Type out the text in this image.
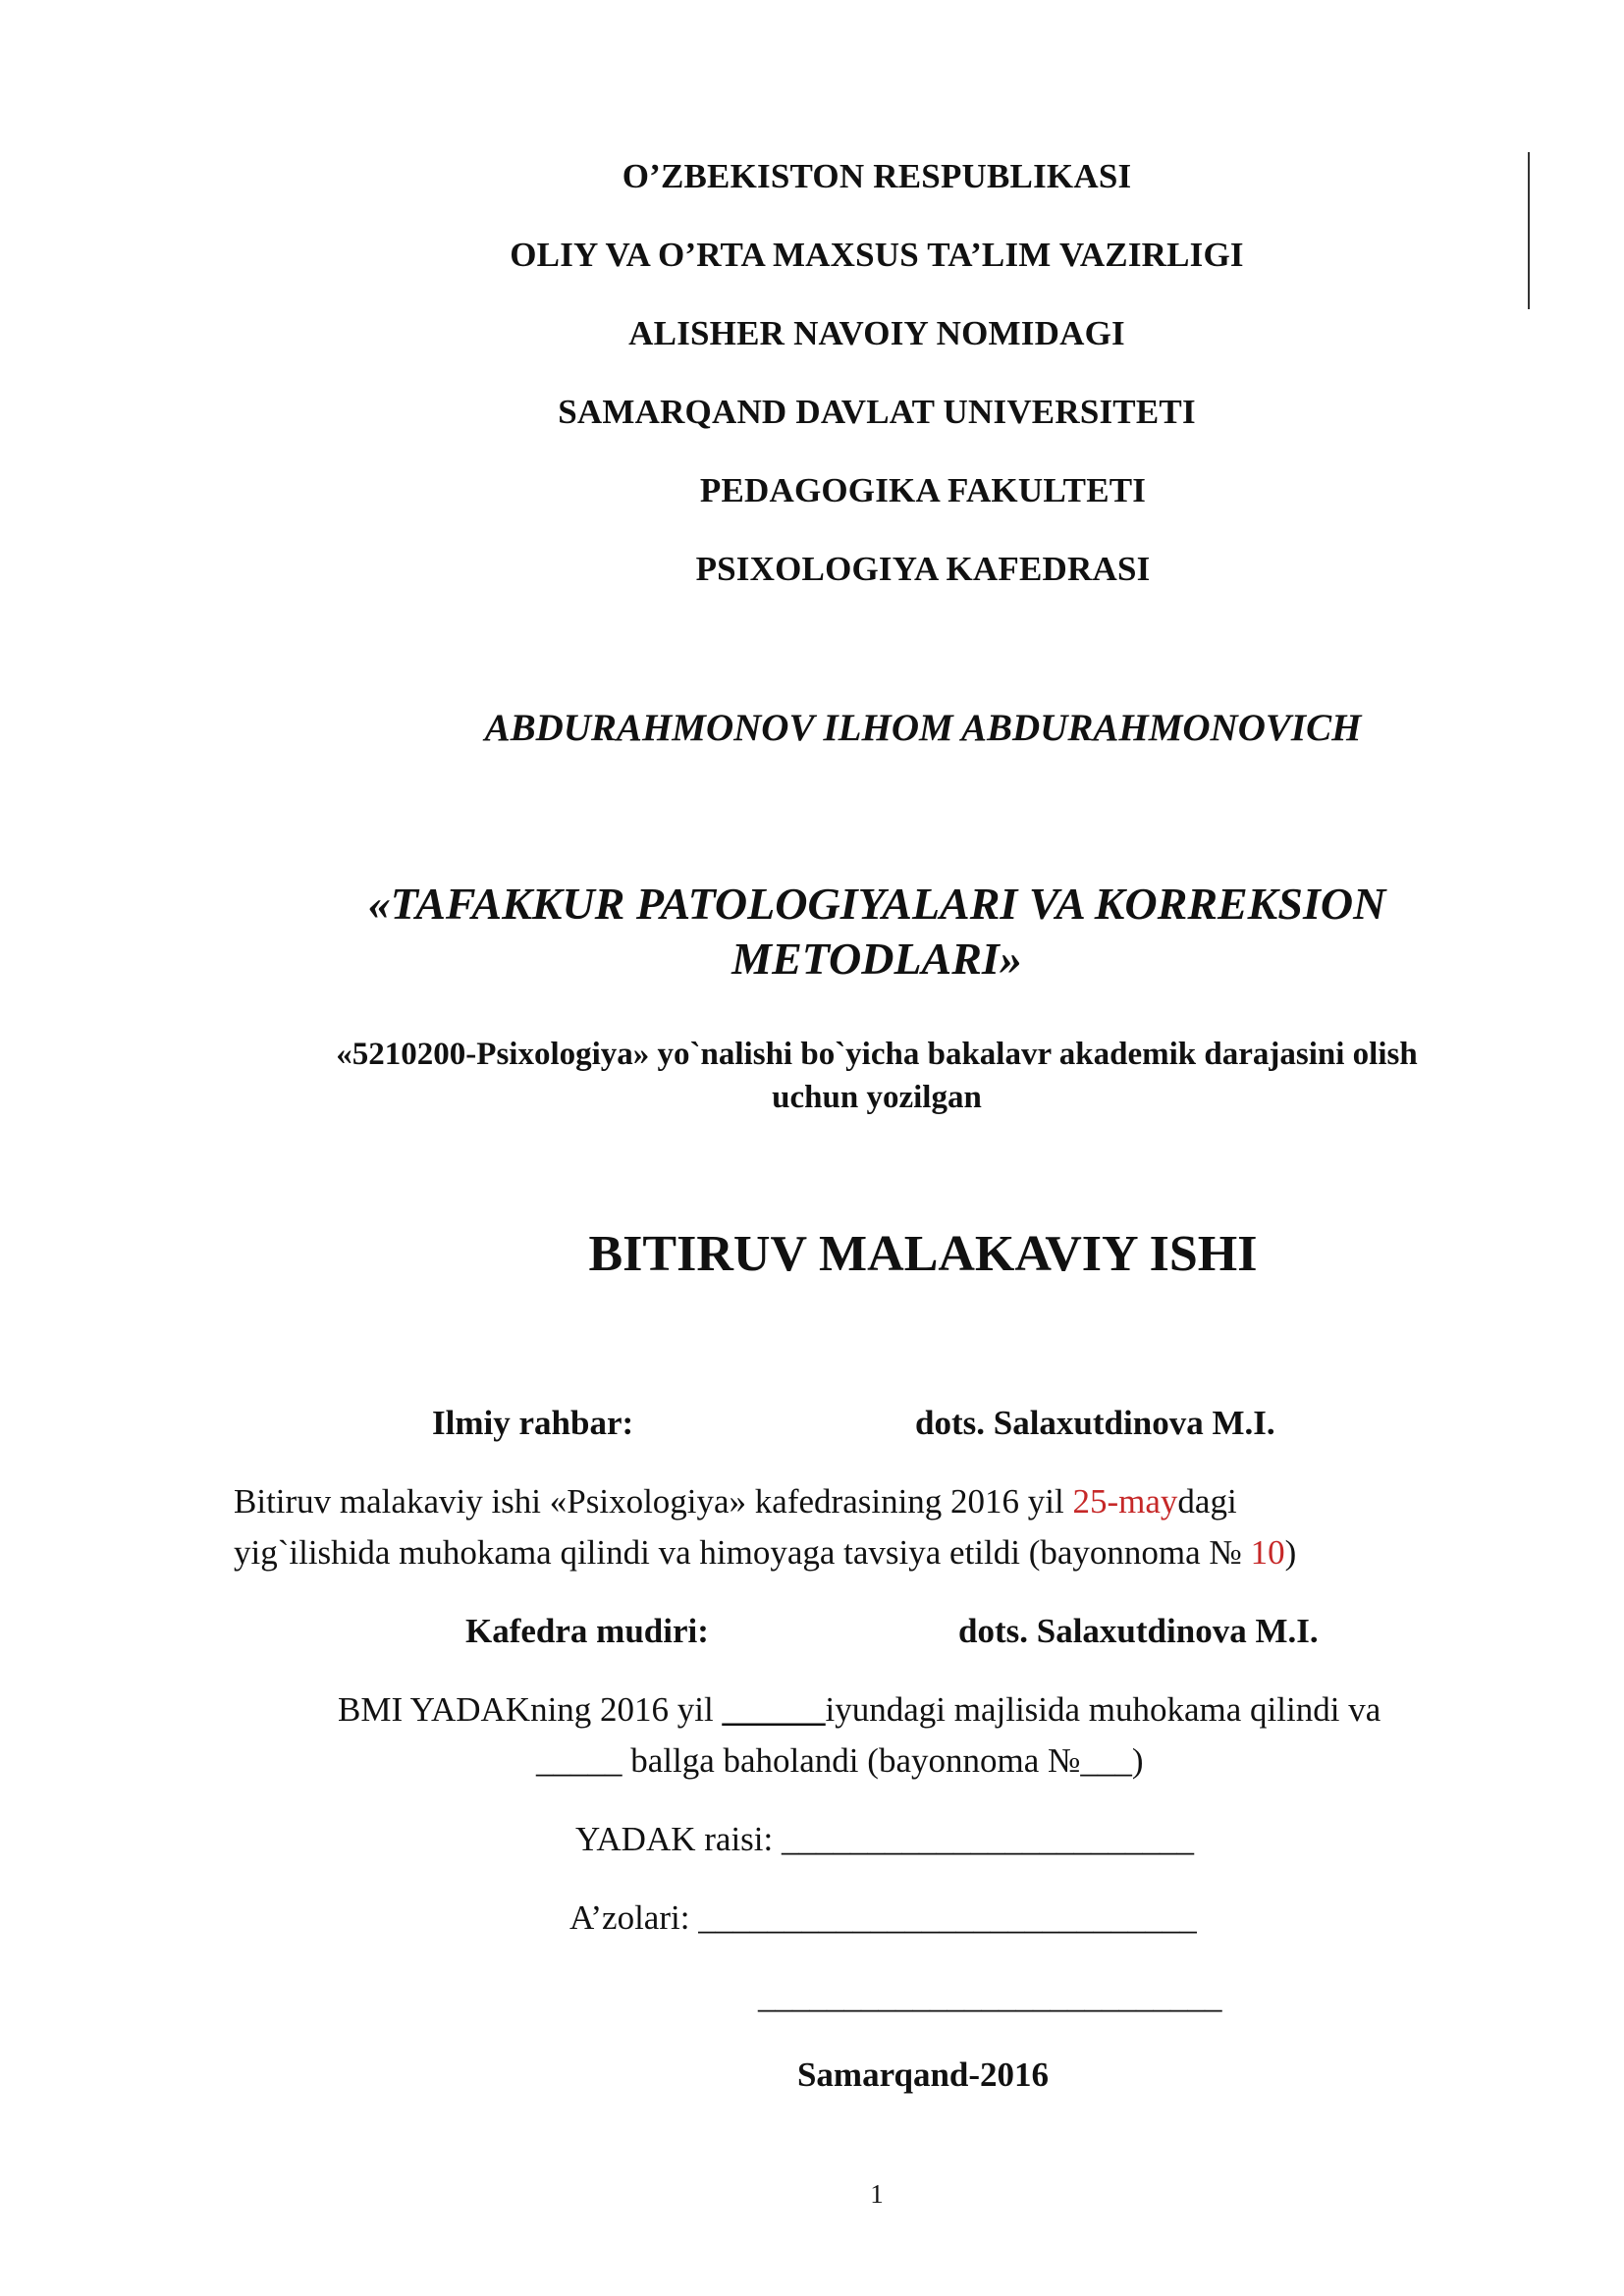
O’ZBEKISTON RESPUBLIKASI
OLIY VA O’RTA MAXSUS TA’LIM VAZIRLIGI
ALISHER NAVOIY NOMIDAGI
SAMARQAND DAVLAT UNIVERSITETI
PEDAGOGIKA FAKULTETI
PSIXOLOGIYA KAFEDRASI
ABDURAHMONOV ILHOM ABDURAHMONOVICH
«TAFAKKUR PATOLOGIYALARI VA KORREKSION
METODLARI»
«5210200-Psixologiya» yo`nalishi bo`yicha bakalavr akademik darajasini olish
uchun yozilgan
BITIRUV MALAKAVIY ISHI
Ilmiy rahbar:	dots. Salaxutdinova M.I.
Bitiruv malakaviy ishi «Psixologiya» kafedrasining 2016 yil 25-maydagi
yig`ilishida muhokama qilindi va himoyaga tavsiya etildi (bayonnoma № 10)
Kafedra mudiri:	dots. Salaxutdinova M.I.
BMI YADAKning 2016 yil ______iyundagi majlisida muhokama qilindi va
_____ ballga baholandi (bayonnoma №___)
YADAK raisi: ________________________
A’zolari: _____________________________
___________________________
Samarqand-2016
1
